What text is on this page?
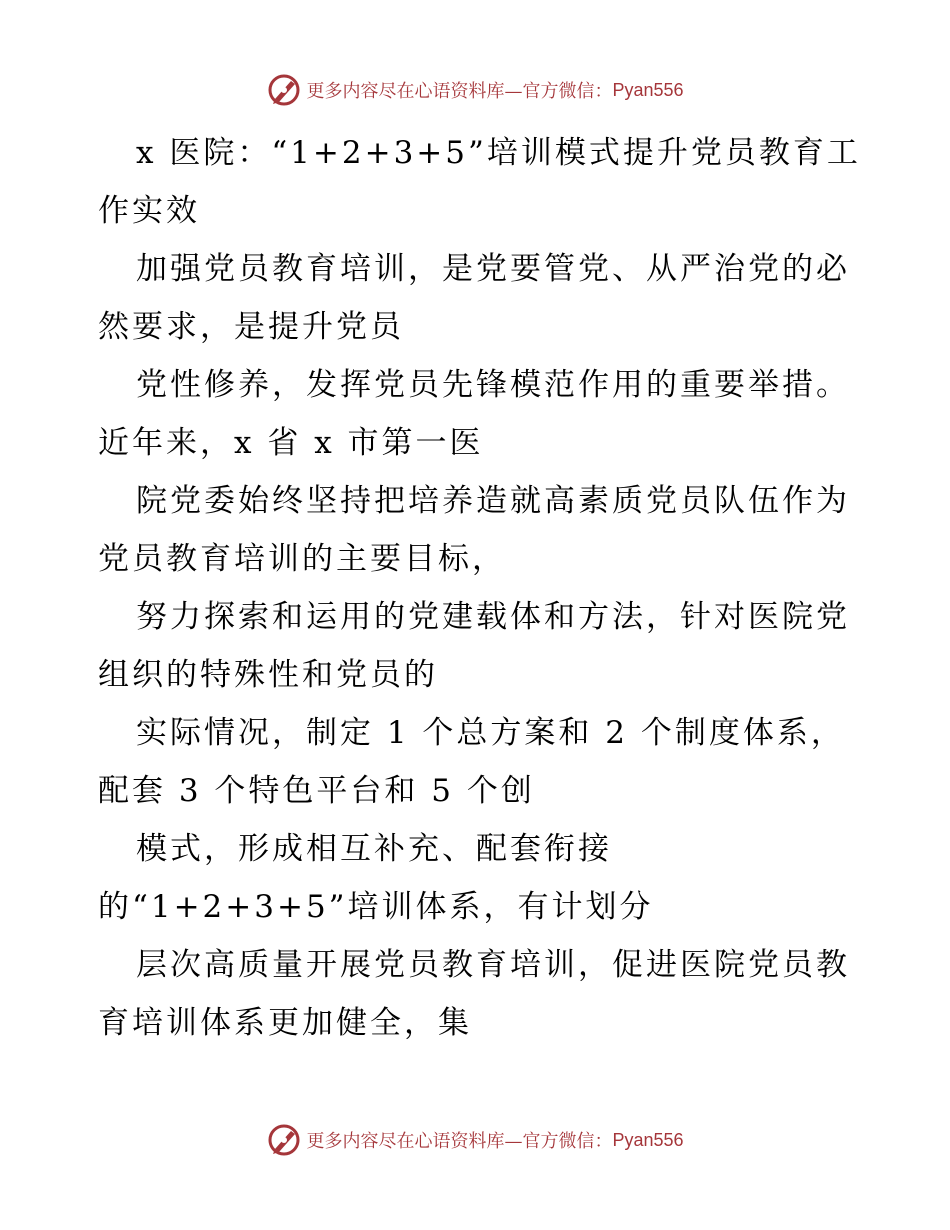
更多内容尽在心语资料库—官方微信： Pyan556
x 医院：“1+2+3+5”培训模式提升党员教育工
作实效
加强党员教育培训，是党要管党、从严治党的必
然要求，是提升党员
党性修养，发挥党员先锋模范作用的重要举措。
近年来，x 省 x 市第一医
院党委始终坚持把培养造就高素质党员队伍作为
党员教育培训的主要目标，
努力探索和运用的党建载体和方法，针对医院党
组织的特殊性和党员的
实际情况，制定 1 个总方案和 2 个制度体系，
配套 3 个特色平台和 5 个创
模式，形成相互补充、配套衔接
的“1+2+3+5”培训体系，有计划分
层次高质量开展党员教育培训，促进医院党员教
育培训体系更加健全，集
更多内容尽在心语资料库—官方微信： Pyan556
